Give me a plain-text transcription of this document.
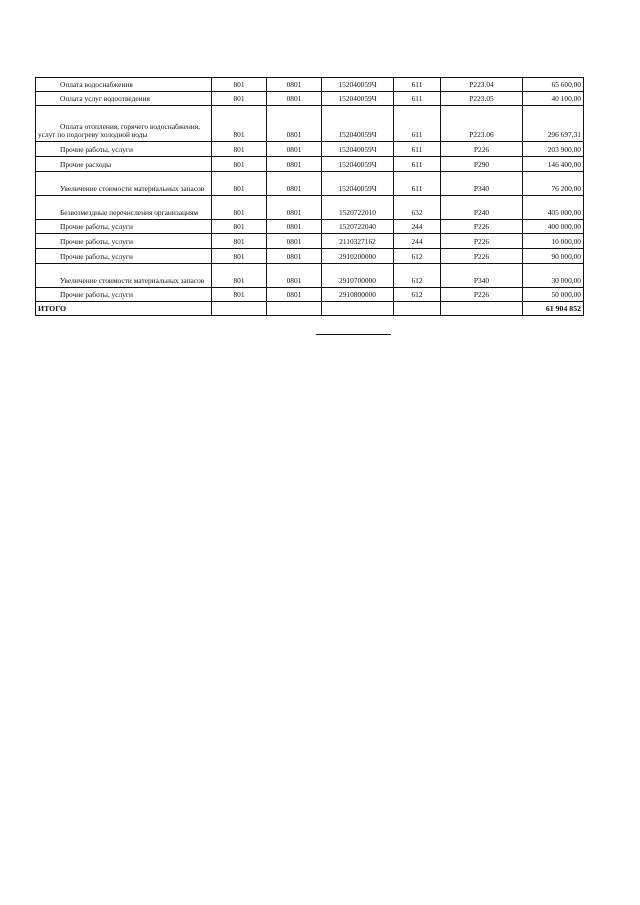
Оплата водоснабжения	801	0801	152040059Ч	611	Р223.04	65 600,00

Оплата услуг водоотведения	801	0801	152040059Ч	611	Р223.05	40 100,00

Оплата отопления, горячего водоснабжения, услуг по подогреву холодной воды	801	0801	152040059Ч	611	Р223.06	296 697,31

Прочие работы, услуги	801	0801	152040059Ч	611	Р226	203 900,00

Прочие расходы	801	0801	152040059Ч	611	Р290	146 400,00

Увеличение стоимости материальных запасов	801	0801	152040059Ч	611	Р340	76 200,00

Безвозмездные перечисления организациям	801	0801	1520722010	632	Р240	405 000,00

Прочие работы, услуги	801	0801	1520722040	244	Р226	400 000,00

Прочие работы, услуги	801	0801	2110327162	244	Р226	10 000,00

Прочие работы, услуги	801	0801	2910200000	612	Р226	90 000,00

Увеличение стоимости материальных запасов	801	0801	2910700000	612	Р340	30 000,00

Прочие работы, услуги	801	0801	2910800000	612	Р226	50 000,00

ИТОГО						61 904 852
